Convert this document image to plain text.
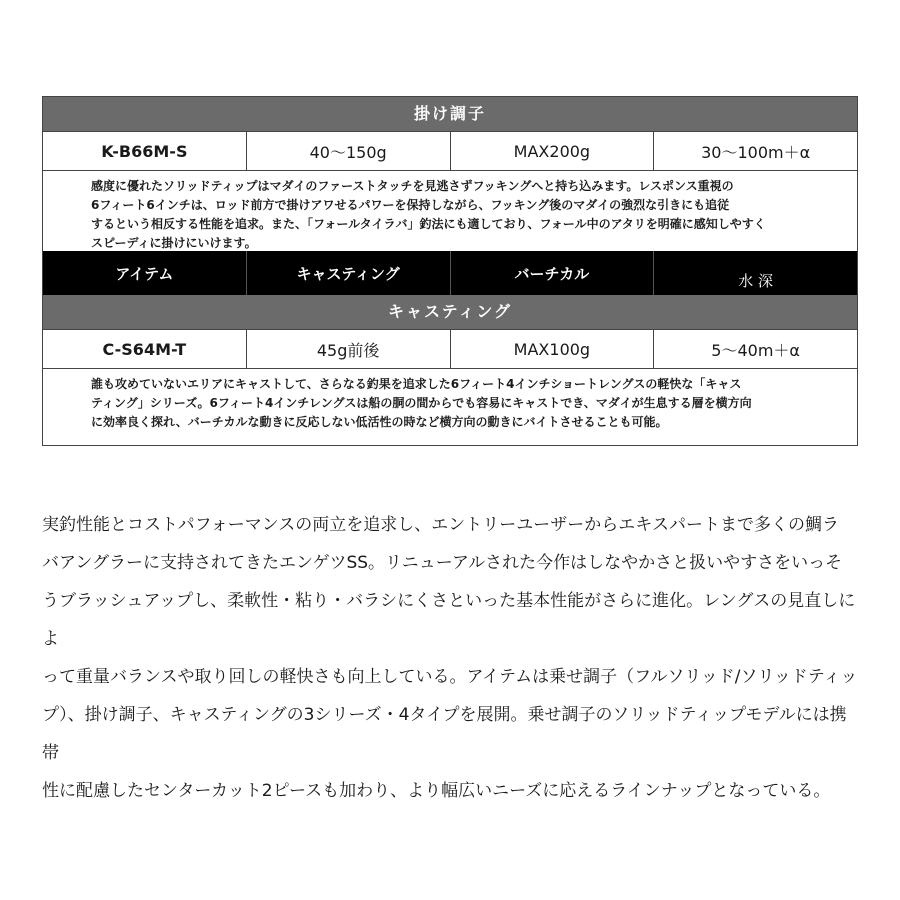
掛け調子
K-B66M-S	40～150g	MAX200g	30～100m＋α
感度に優れたソリッドティップはマダイのファーストタッチを見逃さずフッキングへと持ち込みます。レスポンス重視の
6フィート6インチは、ロッド前方で掛けアワせるパワーを保持しながら、フッキング後のマダイの強烈な引きにも追従
するという相反する性能を追求。また、「フォールタイラバ」釣法にも適しており、フォール中のアタリを明確に感知しやすく
スピーディに掛けにいけます。
アイテム	キャスティング	バーチカル	水 深
キャスティング
C-S64M-T	45g前後	MAX100g	5～40m＋α
誰も攻めていないエリアにキャストして、さらなる釣果を追求した6フィート4インチショートレングスの軽快な「キャス
ティング」シリーズ。6フィート4インチレングスは船の胴の間からでも容易にキャストでき、マダイが生息する層を横方向
に効率良く探れ、バーチカルな動きに反応しない低活性の時など横方向の動きにバイトさせることも可能。
実釣性能とコストパフォーマンスの両立を追求し、エントリーユーザーからエキスパートまで多くの鯛ラ
バアングラーに支持されてきたエンゲツSS。リニューアルされた今作はしなやかさと扱いやすさをいっそ
うブラッシュアップし、柔軟性・粘り・バラシにくさといった基本性能がさらに進化。レングスの見直しによ
って重量バランスや取り回しの軽快さも向上している。アイテムは乗せ調子（フルソリッド/ソリッドティッ
プ）、掛け調子、キャスティングの3シリーズ・4タイプを展開。乗せ調子のソリッドティップモデルには携帯
性に配慮したセンターカット2ピースも加わり、より幅広いニーズに応えるラインナップとなっている。
